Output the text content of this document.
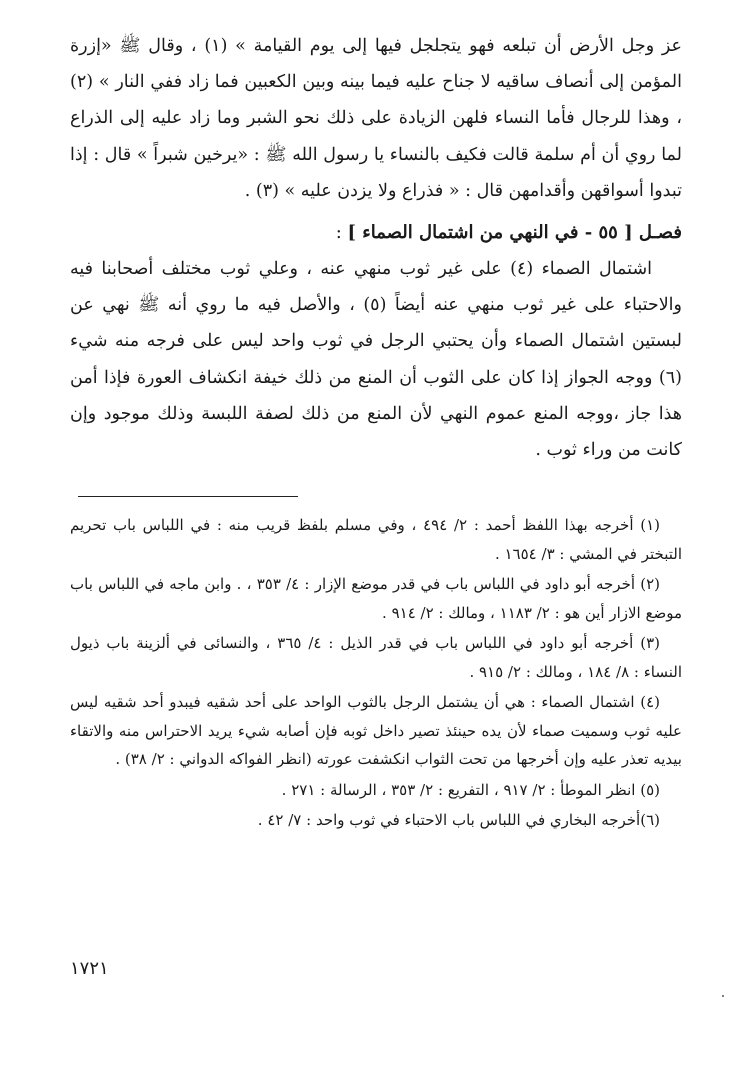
عز وجل الأرض أن تبلعه فهو يتجلجل فيها إلى يوم القيامة » (١) ، وقال ﷺ «إزرة المؤمن إلى أنصاف ساقيه لا جناح عليه فيما بينه وبين الكعبين فما زاد ففي النار » (٢) ، وهذا للرجال فأما النساء فلهن الزيادة على ذلك نحو الشبر وما زاد عليه إلى الذراع لما روي أن أم سلمة قالت فكيف بالنساء يا رسول الله ﷺ : «يرخين شبراً » قال : إذا تبدوا أسواقهن وأقدامهن قال : « فذراع ولا يزدن عليه » (٣) .

فصـل [ ٥٥ - في النهي من اشتمال الصماء ] :

اشتمال الصماء (٤) على غير ثوب منهي عنه ، وعلي ثوب مختلف أصحابنا فيه والاحتباء على غير ثوب منهي عنه أيضاً (٥) ، والأصل فيه ما روي أنه ﷺ نهي عن لبستين اشتمال الصماء وأن يحتبي الرجل في ثوب واحد ليس على فرجه منه شيء (٦) ووجه الجواز إذا كان على الثوب أن المنع من ذلك خيفة انكشاف العورة فإذا أمن هذا جاز ،ووجه المنع عموم النهي لأن المنع من ذلك لصفة اللبسة وذلك موجود وإن كانت من وراء ثوب .

(١) أخرجه بهذا اللفظ أحمد : ٢/ ٤٩٤ ، وفي مسلم بلفظ قريب منه : في اللباس باب تحريم التبختر في المشي : ٣/ ١٦٥٤ .

(٢) أخرجه أبو داود في اللباس باب في قدر موضع الإزار : ٤/ ٣٥٣ ، . وابن ماجه في اللباس باب موضع الازار أين هو : ٢/ ١١٨٣ ، ومالك : ٢/ ٩١٤ .

(٣) أخرجه أبو داود في اللباس باب في قدر الذيل : ٤/ ٣٦٥ ، والنسائى في ألزينة باب ذيول النساء : ٨/ ١٨٤ ، ومالك : ٢/ ٩١٥ .

(٤) اشتمال الصماء : هي أن يشتمل الرجل بالثوب الواحد على أحد شقيه فيبدو أحد شقيه ليس عليه ثوب وسميت صماء لأن يده حينئذ تصير داخل ثوبه فإن أصابه شيء يريد الاحتراس منه والاتقاء بيديه تعذر عليه وإن أخرجها من تحت الثواب انكشفت عورته (انظر الفواكه الدواني : ٢/ ٣٨) .

(٥) انظر الموطأ : ٢/ ٩١٧ ، التفريع : ٢/ ٣٥٣ ، الرسالة : ٢٧١ .

(٦)أخرجه البخاري في اللباس باب الاحتباء في ثوب واحد : ٧/ ٤٢ .

١٧٢١
